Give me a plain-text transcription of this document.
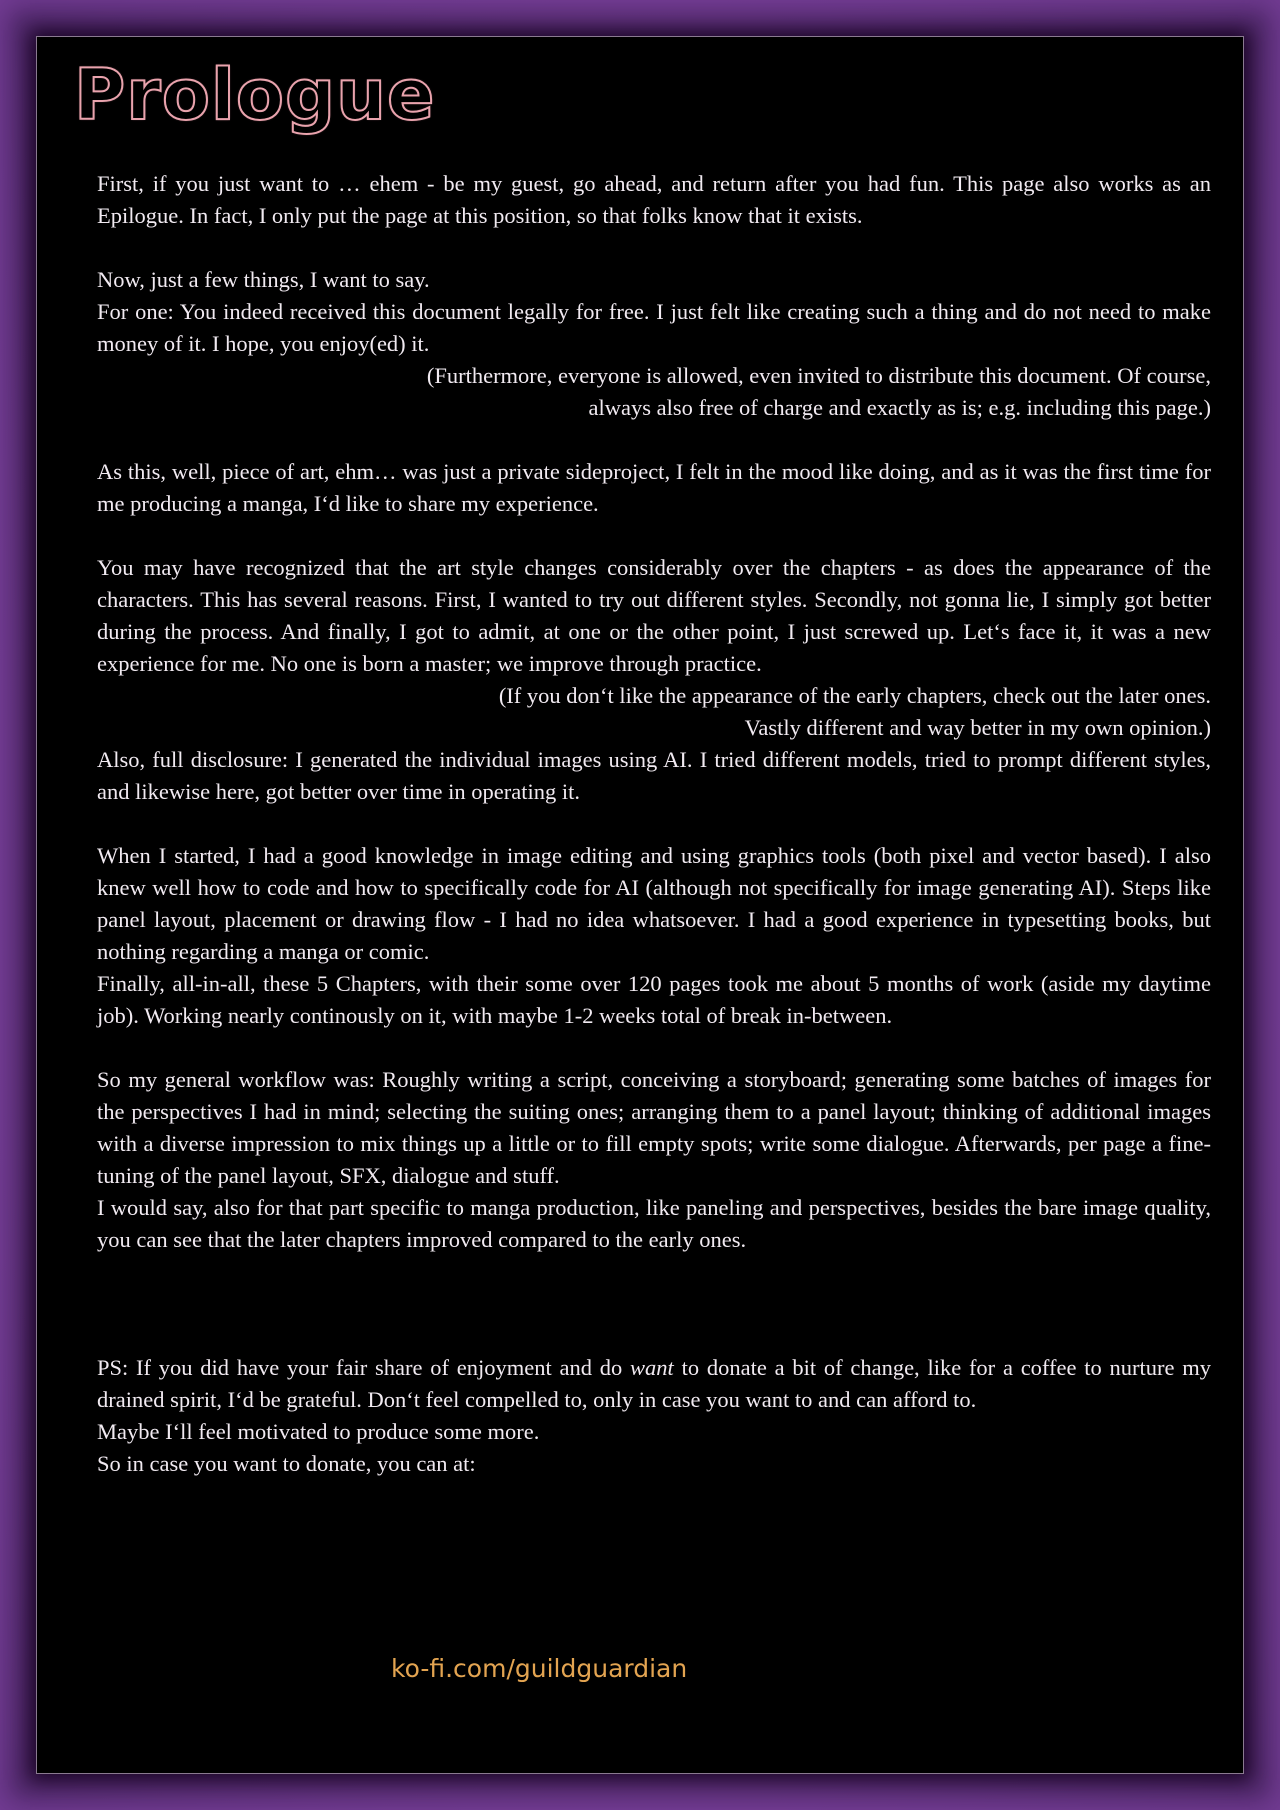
Prologue

First, if you just want to … ehem - be my guest, go ahead, and return after you had fun. This page also works as an Epilogue. In fact, I only put the page at this position, so that folks know that it exists.

Now, just a few things, I want to say.

For one: You indeed received this document legally for free. I just felt like creating such a thing and do not need to make money of it. I hope, you enjoy(ed) it.

(Furthermore, everyone is allowed, even invited to distribute this document. Of course,

always also free of charge and exactly as is; e.g. including this page.)

As this, well, piece of art, ehm… was just a private sideproject, I felt in the mood like doing, and as it was the first time for me producing a manga, I‘d like to share my experience.

You may have recognized that the art style changes considerably over the chapters - as does the appearance of the characters. This has several reasons. First, I wanted to try out different styles. Secondly, not gonna lie, I simply got better during the process. And finally, I got to admit, at one or the other point, I just screwed up. Let‘s face it, it was a new experience for me. No one is born a master; we improve through practice.

(If you don‘t like the appearance of the early chapters, check out the later ones.

Vastly different and way better in my own opinion.)

Also, full disclosure: I generated the individual images using AI. I tried different models, tried to prompt different styles, and likewise here, got better over time in operating it.

When I started, I had a good knowledge in image editing and using graphics tools (both pixel and vector based). I also knew well how to code and how to specifically code for AI (although not specifically for image generating AI). Steps like panel layout, placement or drawing flow - I had no idea whatsoever. I had a good experience in typesetting books, but nothing regarding a manga or comic.

Finally, all-in-all, these 5 Chapters, with their some over 120 pages took me about 5 months of work (aside my daytime job). Working nearly continously on it, with maybe 1-2 weeks total of break in-between.

So my general workflow was: Roughly writing a script, conceiving a storyboard; generating some batches of images for the perspectives I had in mind; selecting the suiting ones; arranging them to a panel layout; thinking of additional images with a diverse impression to mix things up a little or to fill empty spots; write some dialogue. Afterwards, per page a fine-tuning of the panel layout, SFX, dialogue and stuff.

I would say, also for that part specific to manga production, like paneling and perspectives, besides the bare image quality, you can see that the later chapters improved compared to the early ones.

PS: If you did have your fair share of enjoyment and do want to donate a bit of change, like for a coffee to nurture my drained spirit, I‘d be grateful. Don‘t feel compelled to, only in case you want to and can afford to.

Maybe I‘ll feel motivated to produce some more.

So in case you want to donate, you can at:

ko-fi.com/guildguardian
